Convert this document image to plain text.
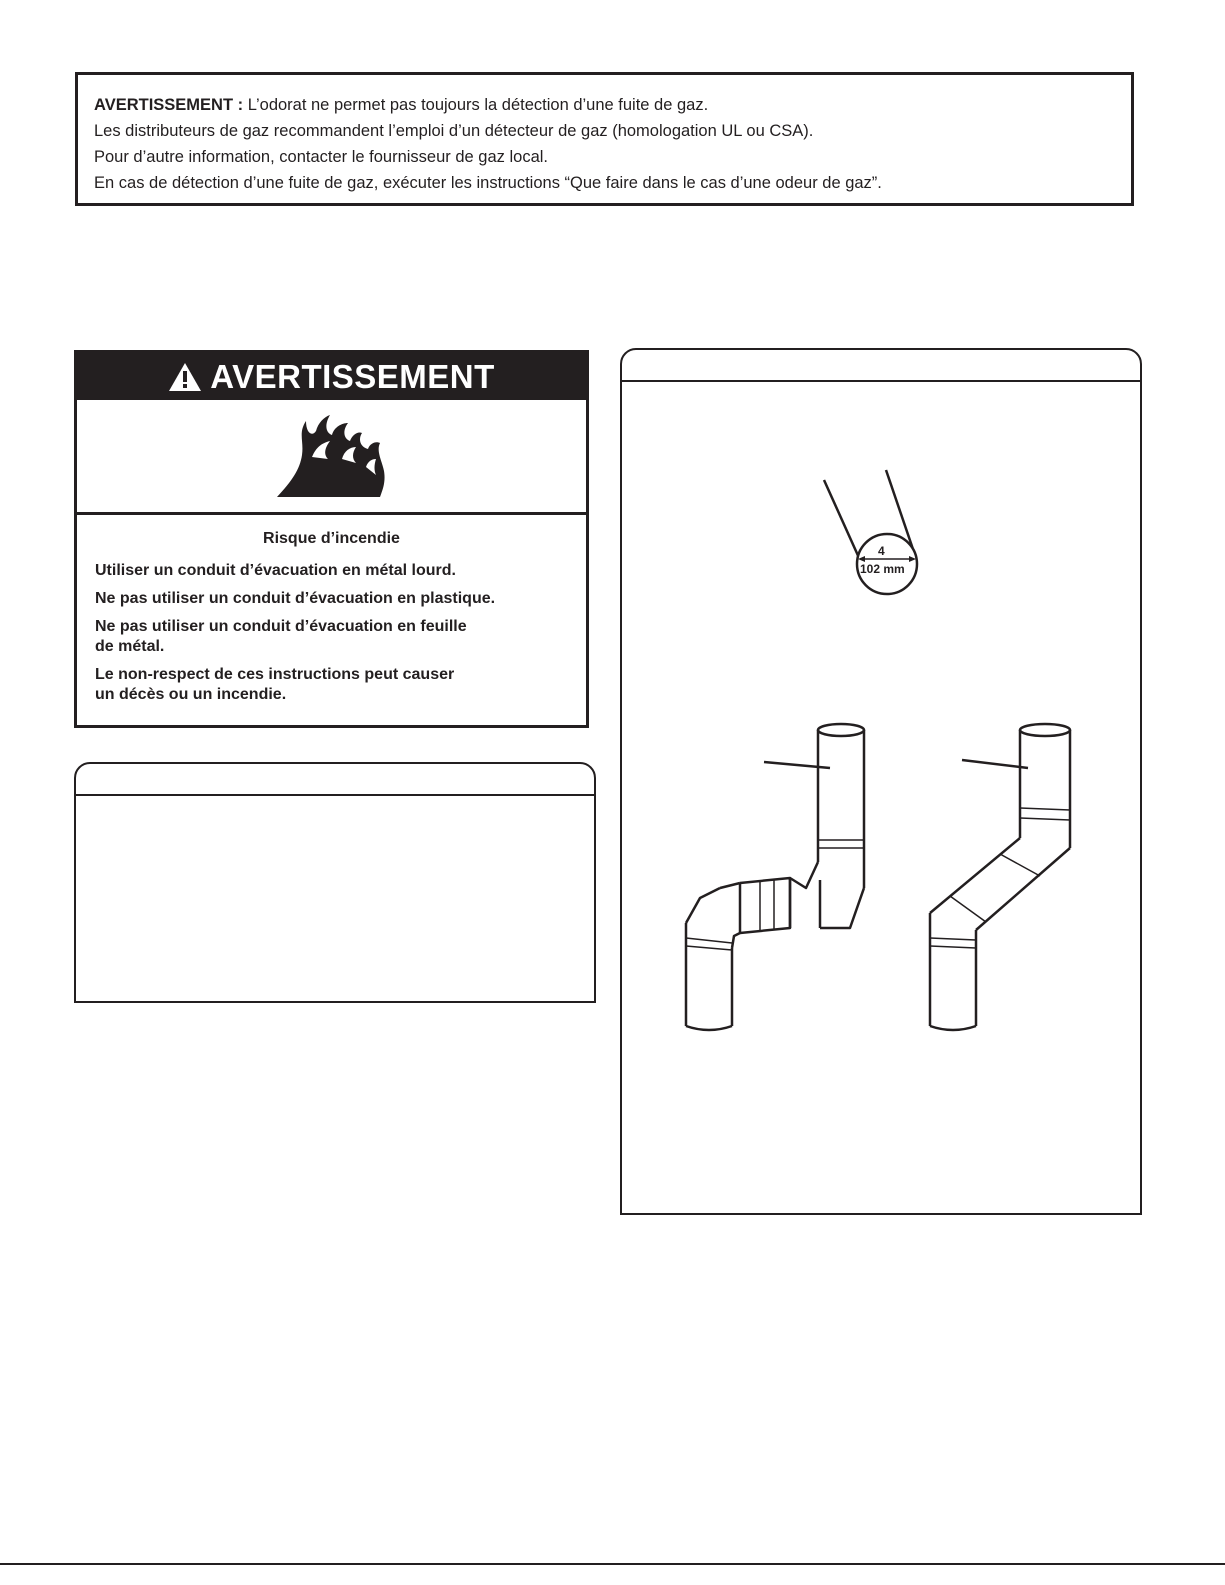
AVERTISSEMENT : L’odorat ne permet pas toujours la détection d’une fuite de gaz.

Les distributeurs de gaz recommandent l’emploi d’un détecteur de gaz (homologation UL ou CSA).

Pour d’autre information, contacter le fournisseur de gaz local.

En cas de détection d’une fuite de gaz, exécuter les instructions “Que faire dans le cas d’une odeur de gaz”.

AVERTISSEMENT

Risque d’incendie

Utiliser un conduit d’évacuation en métal lourd.

Ne pas utiliser un conduit d’évacuation en plastique.

Ne pas utiliser un conduit d’évacuation en feuille
de métal.

Le non-respect de ces instructions peut causer
un décès ou un incendie.

4
102 mm
